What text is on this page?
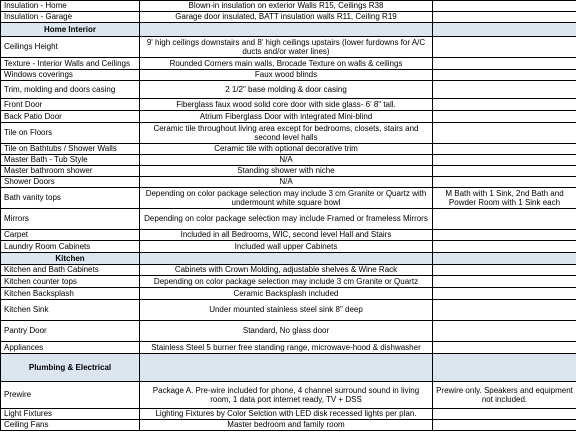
Insulation - Home	Blown-in insulation on exterior Walls R15, Ceilings R38	
Insulation - Garage	Garage door insulated, BATT insulation walls R11, Ceiling R19	
Home Interior		
Ceilings Height	9' high ceilings downstairs and 8' high ceilings upstairs (lower furdowns for A/C ducts and/or water lines)	
Texture - Interior Walls and Ceilings	Rounded Corners main walls, Brocade Texture on walls & ceilings	
Windows coverings	Faux wood blinds	
Trim, molding and doors casing	2 1/2" base molding & door casing	
Front Door	Fiberglass faux wood solid core door with side glass- 6' 8" tall.	
Back Patio Door	Atrium Fiberglass Door with integrated Mini-blind	
Tile on Floors	Ceramic tile throughout living area except for bedrooms, closets, stairs and second level halls	
Tile on Bathtubs / Shower Walls	Ceramic tile with optional decorative trim	
Master Bath - Tub Style	N/A	
Master bathroom shower	Standing shower with niche	
Shower Doors	N/A	
Bath vanity tops	Depending on color package selection may include 3 cm Granite or Quartz with undermount white square bowl	M Bath with 1 Sink, 2nd Bath and Powder Room with 1 Sink each
Mirrors	Depending on color package selection may include Framed or frameless Mirrors	
Carpet	Included in all Bedrooms, WIC, second level Hall and Stairs	
Laundry Room Cabinets	Included wall upper Cabinets	
Kitchen		
Kitchen and Bath Cabinets	Cabinets with Crown Molding, adjustable shelves & Wine Rack	
Kitchen counter tops	Depending on color package selection may include 3 cm Granite or Quartz	
Kitchen Backsplash	Ceramic Backsplash included	
Kitchen Sink	Under mounted stainless steel sink 8" deep	
Pantry Door	Standard, No glass door	
Appliances	Stainless Steel 5 burner free standing range, microwave-hood & dishwasher	
Plumbing & Electrical		
Prewire	Package A. Pre-wire included for phone, 4 channel surround sound in living room, 1 data port internet ready, TV + DSS	Prewire only. Speakers and equipment not included.
Light Fixtures	Lighting Fixtures by Color Selction with LED disk recessed lights per plan.	
Ceiling Fans	Master bedroom and family room	
